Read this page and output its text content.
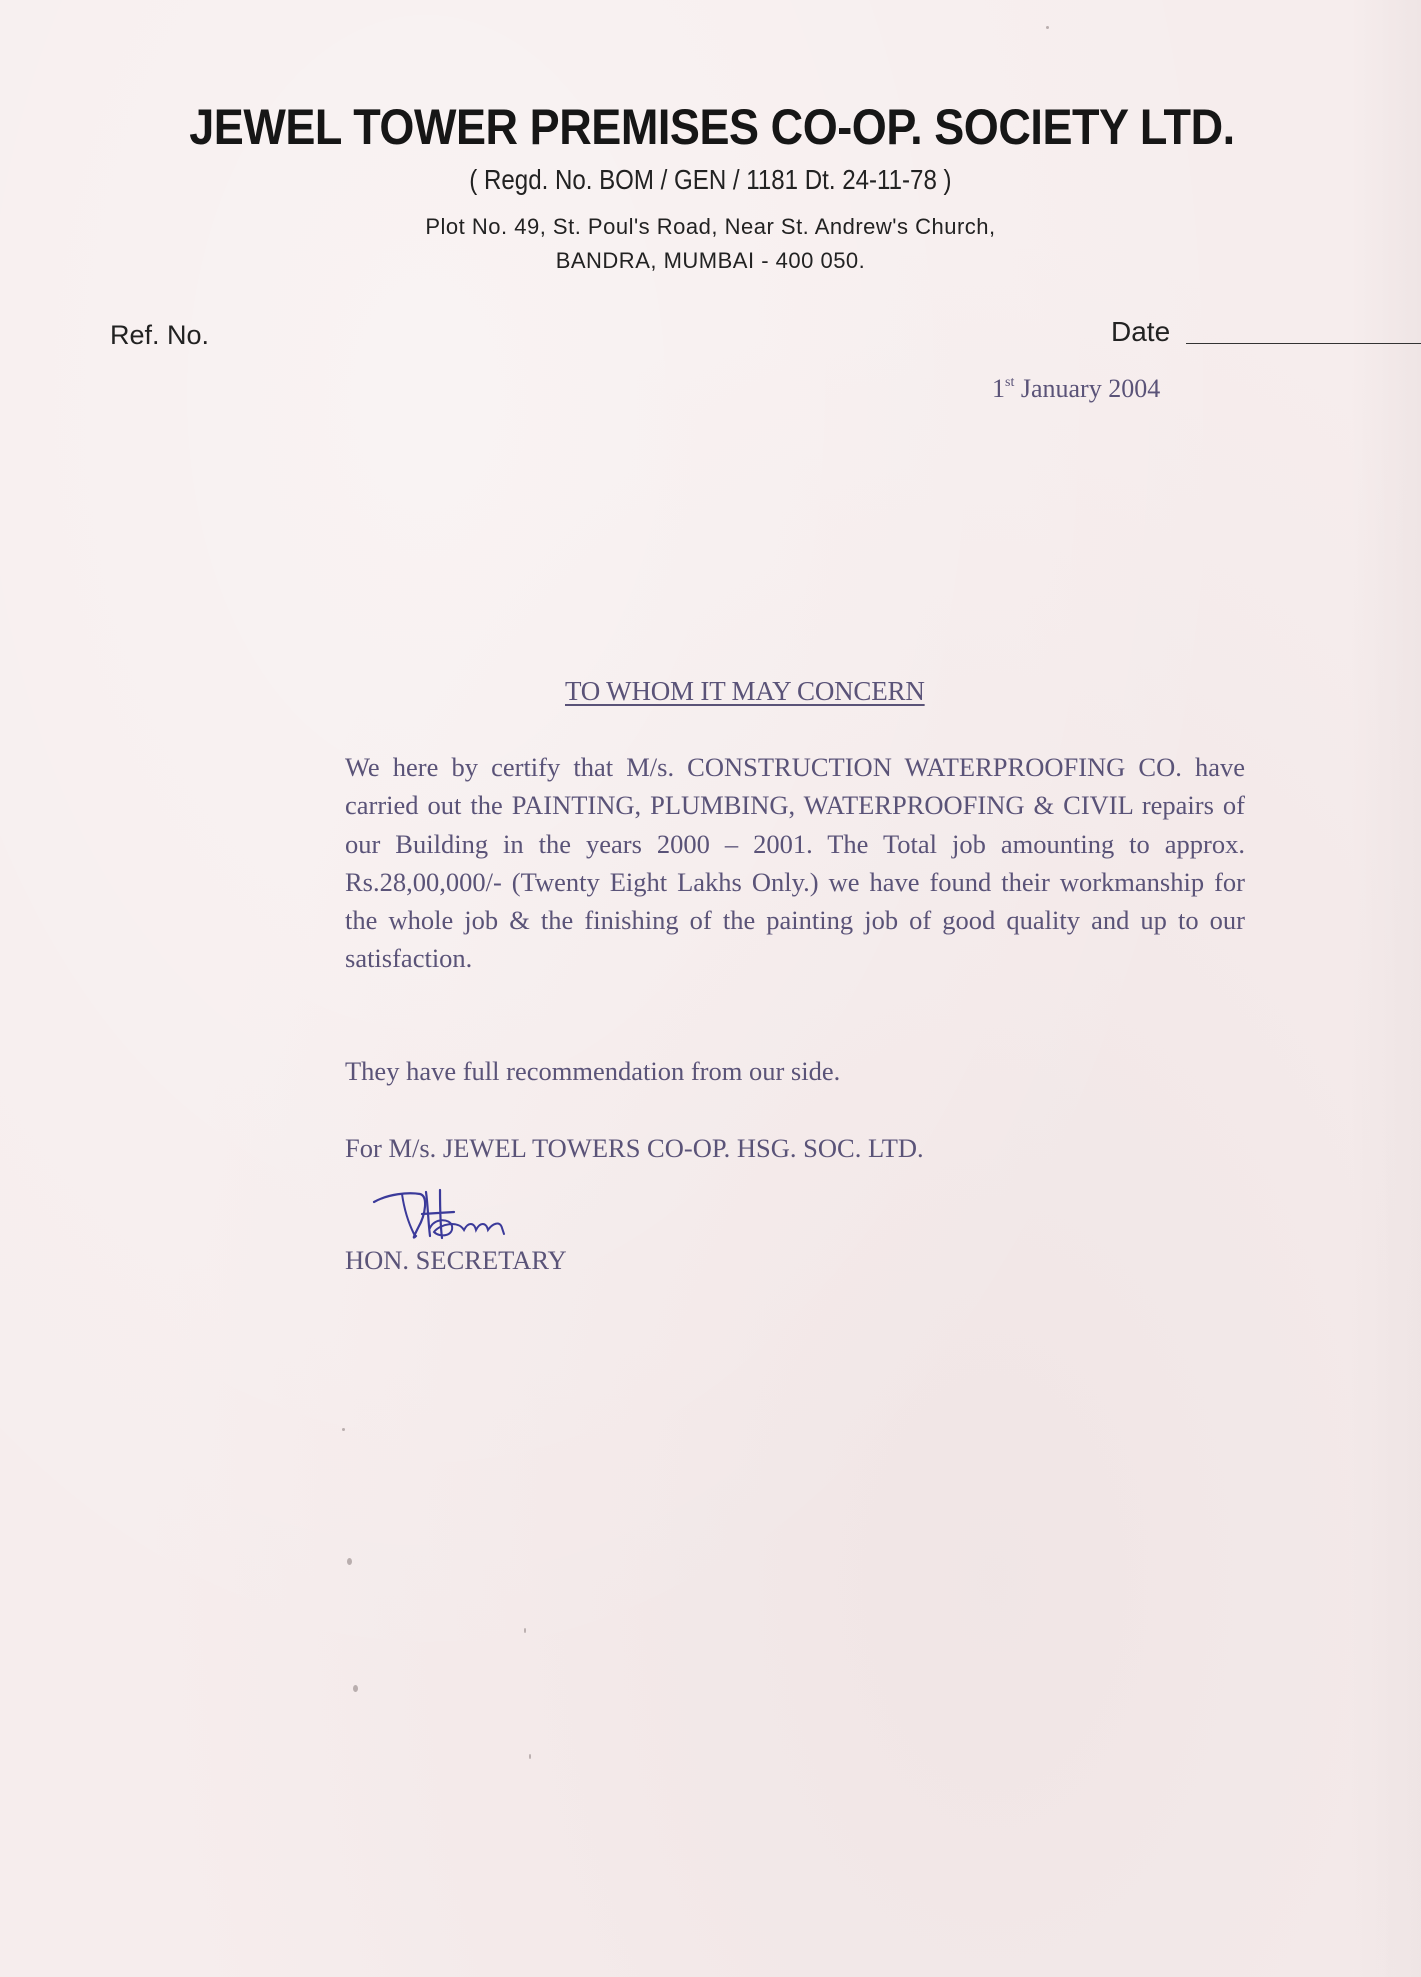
JEWEL TOWER PREMISES CO-OP. SOCIETY LTD.
( Regd. No. BOM / GEN / 1181 Dt. 24-11-78 )
Plot No. 49, St. Poul's Road, Near St. Andrew's Church,
BANDRA, MUMBAI - 400 050.
Ref. No.	Date
1st January 2004
TO WHOM IT MAY CONCERN
We here by certify that M/s. CONSTRUCTION WATERPROOFING CO. have carried out the PAINTING, PLUMBING, WATERPROOFING & CIVIL repairs of our Building in the years 2000 – 2001. The Total job amounting to approx. Rs.28,00,000/- (Twenty Eight Lakhs Only.) we have found their workmanship for the whole job & the finishing of the painting job of good quality and up to our satisfaction.
They have full recommendation from our side.
For M/s. JEWEL TOWERS CO-OP. HSG. SOC. LTD.
HON. SECRETARY
